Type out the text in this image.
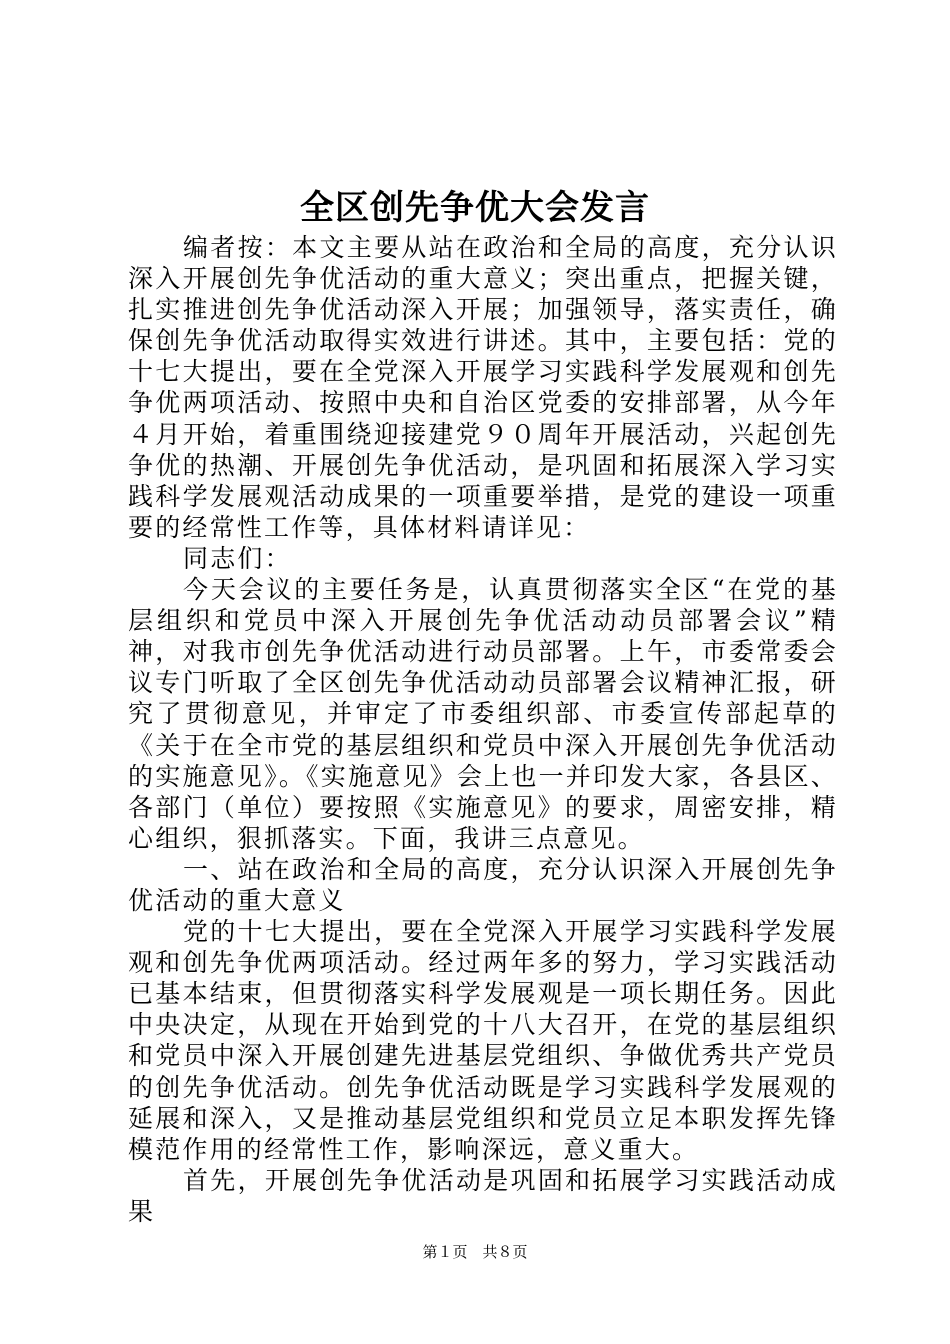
全区创先争优大会发言

编者按：本文主要从站在政治和全局的高度，充分认识深入开展创先争优活动的重大意义；突出重点，把握关键，扎实推进创先争优活动深入开展；加强领导，落实责任，确保创先争优活动取得实效进行讲述。其中，主要包括：党的十七大提出，要在全党深入开展学习实践科学发展观和创先争优两项活动、按照中央和自治区党委的安排部署，从今年４月开始，着重围绕迎接建党９０周年开展活动，兴起创先争优的热潮、开展创先争优活动，是巩固和拓展深入学习实践科学发展观活动成果的一项重要举措，是党的建设一项重要的经常性工作等，具体材料请详见：

同志们：

今天会议的主要任务是，认真贯彻落实全区“在党的基层组织和党员中深入开展创先争优活动动员部署会议”精神，对我市创先争优活动进行动员部署。上午，市委常委会议专门听取了全区创先争优活动动员部署会议精神汇报，研究了贯彻意见，并审定了市委组织部、市委宣传部起草的《关于在全市党的基层组织和党员中深入开展创先争优活动的实施意见》。《实施意见》会上也一并印发大家，各县区、各部门（单位）要按照《实施意见》的要求，周密安排，精心组织，狠抓落实。下面，我讲三点意见。

一、站在政治和全局的高度，充分认识深入开展创先争优活动的重大意义

党的十七大提出，要在全党深入开展学习实践科学发展观和创先争优两项活动。经过两年多的努力，学习实践活动已基本结束，但贯彻落实科学发展观是一项长期任务。因此中央决定，从现在开始到党的十八大召开，在党的基层组织和党员中深入开展创建先进基层党组织、争做优秀共产党员的创先争优活动。创先争优活动既是学习实践科学发展观的延展和深入，又是推动基层党组织和党员立足本职发挥先锋模范作用的经常性工作，影响深远，意义重大。

首先，开展创先争优活动是巩固和拓展学习实践活动成果

第１页　共８页
